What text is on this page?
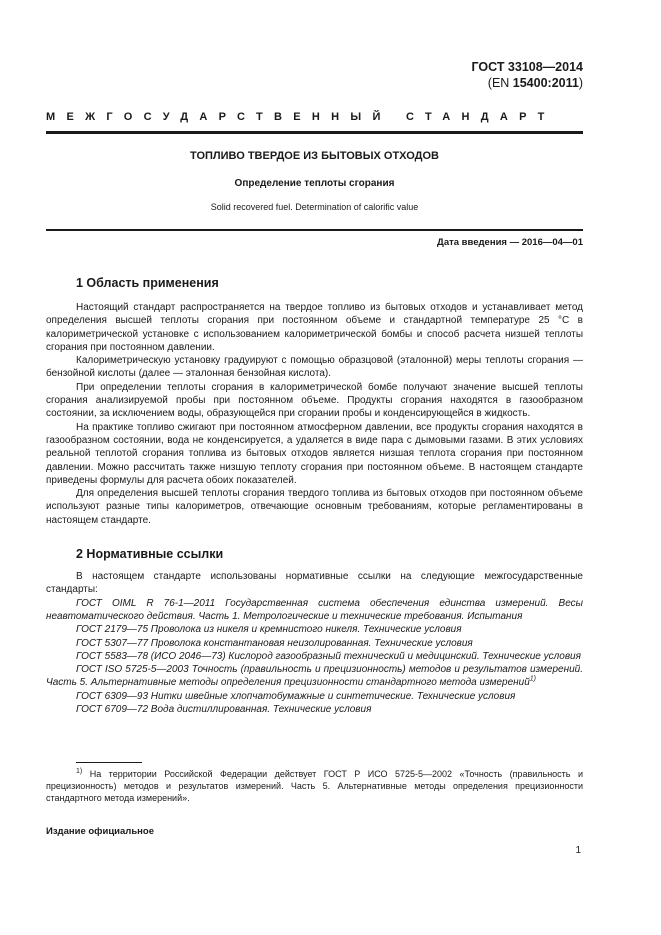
ГОСТ 33108—2014
(EN 15400:2011)
МЕЖГОСУДАРСТВЕННЫЙ СТАНДАРТ
ТОПЛИВО ТВЕРДОЕ ИЗ БЫТОВЫХ ОТХОДОВ
Определение теплоты сгорания
Solid recovered fuel. Determination of calorific value
Дата введения — 2016—04—01
1 Область применения

Настоящий стандарт распространяется на твердое топливо из бытовых отходов и устанавливает метод определения высшей теплоты сгорания при постоянном объеме и стандартной температуре 25 °С в калориметрической установке с использованием калориметрической бомбы и способ расчета низшей теплоты сгорания при постоянном давлении.

Калориметрическую установку градуируют с помощью образцовой (эталонной) меры теплоты сгорания — бензойной кислоты (далее — эталонная бензойная кислота).

При определении теплоты сгорания в калориметрической бомбе получают значение высшей теплоты сгорания анализируемой пробы при постоянном объеме. Продукты сгорания находятся в газообразном состоянии, за исключением воды, образующейся при сгорании пробы и конденсирующейся в жидкость.

На практике топливо сжигают при постоянном атмосферном давлении, все продукты сгорания находятся в газообразном состоянии, вода не конденсируется, а удаляется в виде пара с дымовыми газами. В этих условиях реальной теплотой сгорания топлива из бытовых отходов является низшая теплота сгорания при постоянном давлении. Можно рассчитать также низшую теплоту сгорания при постоянном объеме. В настоящем стандарте приведены формулы для расчета обоих показателей.

Для определения высшей теплоты сгорания твердого топлива из бытовых отходов при постоянном объеме используют разные типы калориметров, отвечающие основным требованиям, которые регламентированы в настоящем стандарте.

2 Нормативные ссылки

В настоящем стандарте использованы нормативные ссылки на следующие межгосударственные стандарты:

ГОСТ OIML R 76-1—2011 Государственная система обеспечения единства измерений. Весы неавтоматического действия. Часть 1. Метрологические и технические требования. Испытания

ГОСТ 2179—75 Проволока из никеля и кремнистого никеля. Технические условия

ГОСТ 5307—77 Проволока константановая неизолированная. Технические условия

ГОСТ 5583—78 (ИСО 2046—73) Кислород газообразный технический и медицинский. Технические условия

ГОСТ ISO 5725-5—2003 Точность (правильность и прецизионность) методов и результатов измерений. Часть 5. Альтернативные методы определения прецизионности стандартного метода измерений$^{1)}$

ГОСТ 6309—93 Нитки швейные хлопчатобумажные и синтетические. Технические условия

ГОСТ 6709—72 Вода дистиллированная. Технические условия

$^{1)}$ На территории Российской Федерации действует ГОСТ Р ИСО 5725-5—2002 «Точность (правильность и прецизионность) методов и результатов измерений. Часть 5. Альтернативные методы определения прецизионности стандартного метода измерений».
Издание официальное
1
